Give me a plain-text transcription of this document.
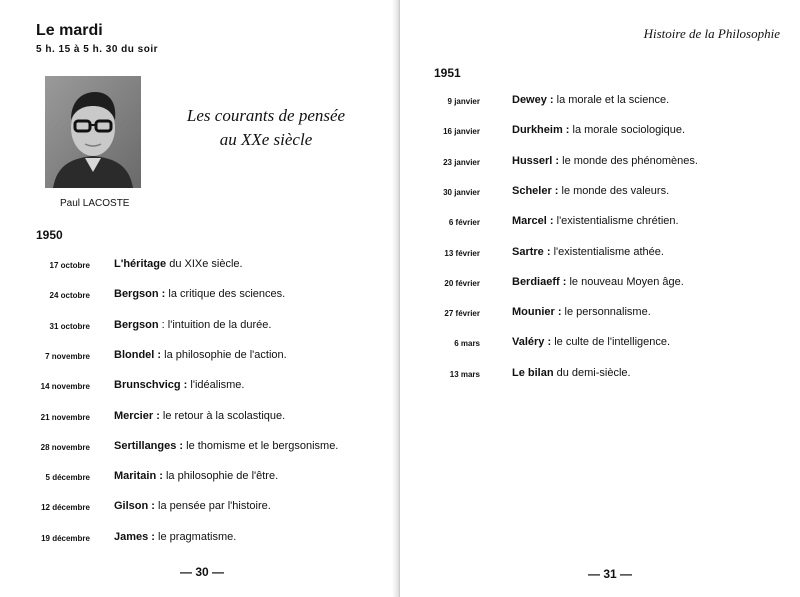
Le mardi
5 h. 15 à 5 h. 30 du soir
Paul LACOSTE
Les courants de pensée
au XXe siècle
1950
17 octobre L'héritage du XIXe siècle.
24 octobre Bergson : la critique des sciences.
31 octobre Bergson : l'intuition de la durée.
7 novembre Blondel : la philosophie de l'action.
14 novembre Brunschvicg : l'idéalisme.
21 novembre Mercier : le retour à la scolastique.
28 novembre Sertillanges : le thomisme et le bergsonisme.
5 décembre Maritain : la philosophie de l'être.
12 décembre Gilson : la pensée par l'histoire.
19 décembre James : le pragmatisme.
— 30 —
Histoire de la Philosophie
1951
9 janvier	Dewey : la morale et la science.
16 janvier	Durkheim : la morale sociologique.
23 janvier	Husserl : le monde des phénomènes.
30 janvier	Scheler : le monde des valeurs.
6 février	Marcel : l'existentialisme chrétien.
13 février	Sartre : l'existentialisme athée.
20 février	Berdiaeff : le nouveau Moyen âge.
27 février	Mounier : le personnalisme.
6 mars	Valéry : le culte de l'intelligence.
13 mars	Le bilan du demi-siècle.
— 31 —
